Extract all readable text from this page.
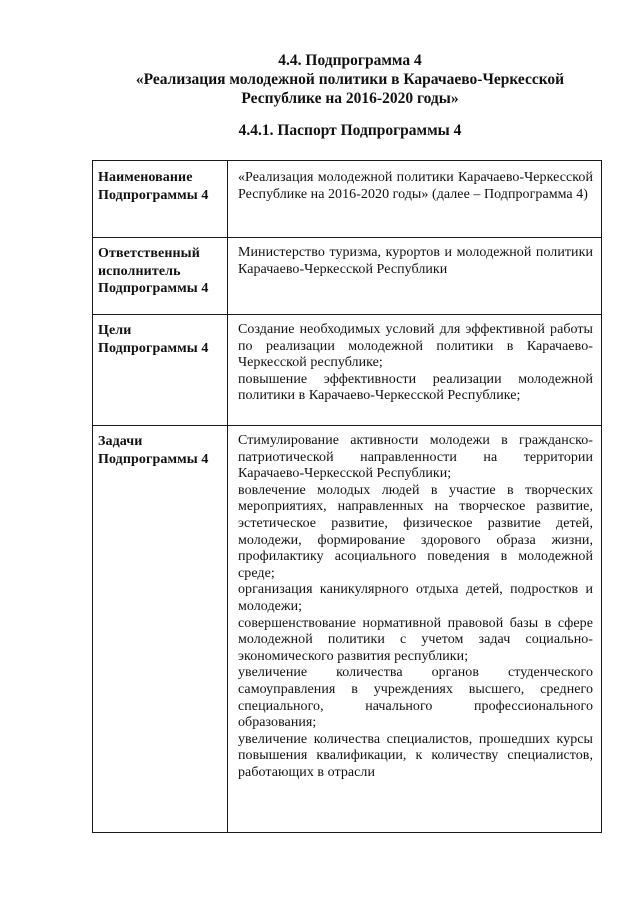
4.4. Подпрограмма 4
«Реализация молодежной политики в Карачаево-Черкесской
Республике на 2016-2020 годы»
4.4.1. Паспорт Подпрограммы 4
Наименование
Подпрограммы 4
«Реализация молодежной политики Карачаево-Черкесской Республике на 2016-2020 годы» (далее – Подпрограмма 4)
Ответственный
исполнитель
Подпрограммы 4
Министерство туризма, курортов и молодежной политики Карачаево-Черкесской Республики
Цели
Подпрограммы 4
Создание необходимых условий для эффективной работы по реализации молодежной политики в Карачаево-Черкесской республике;
повышение эффективности реализации молодежной политики в Карачаево-Черкесской Республике;
Задачи
Подпрограммы 4
Стимулирование активности молодежи в гражданско-патриотической направленности на территории Карачаево-Черкесской Республики;
вовлечение молодых людей в участие в творческих мероприятиях, направленных на творческое развитие, эстетическое развитие, физическое развитие детей, молодежи, формирование здорового образа жизни, профилактику асоциального поведения в молодежной среде;
организация каникулярного отдыха детей, подростков и молодежи;
совершенствование нормативной правовой базы в сфере молодежной политики с учетом задач социально-экономического развития республики;
увеличение количества органов студенческого самоуправления в учреждениях высшего, среднего специального, начального профессионального образования;
увеличение количества специалистов, прошедших курсы повышения квалификации, к количеству специалистов, работающих в отрасли
